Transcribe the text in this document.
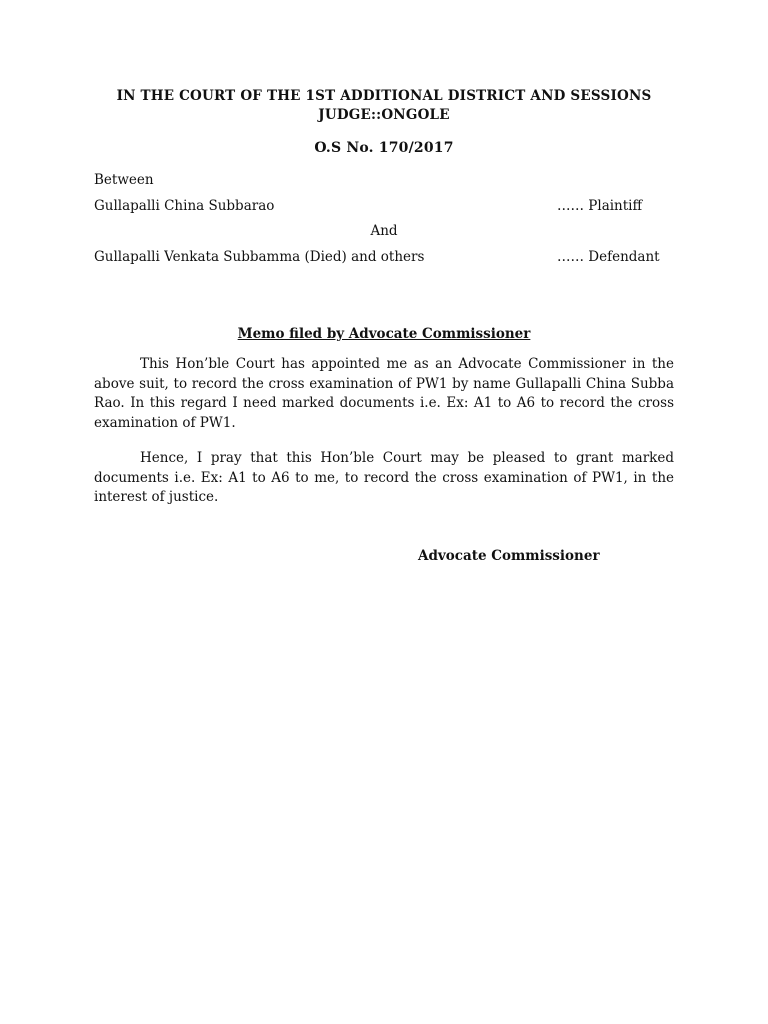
IN THE COURT OF THE 1ST ADDITIONAL DISTRICT AND SESSIONS JUDGE::ONGOLE
O.S No. 170/2017
Between
Gullapalli China Subbarao	…… Plaintiff
And
Gullapalli Venkata Subbamma (Died) and others	…… Defendant
Memo filed by Advocate Commissioner

This Hon’ble Court has appointed me as an Advocate Commissioner in the above suit, to record the cross examination of PW1 by name Gullapalli China Subba Rao. In this regard I need marked documents i.e. Ex: A1 to A6 to record the cross examination of PW1.

Hence, I pray that this Hon’ble Court may be pleased to grant marked documents i.e. Ex: A1 to A6 to me, to record the cross examination of PW1, in the interest of justice.

Advocate Commissioner
